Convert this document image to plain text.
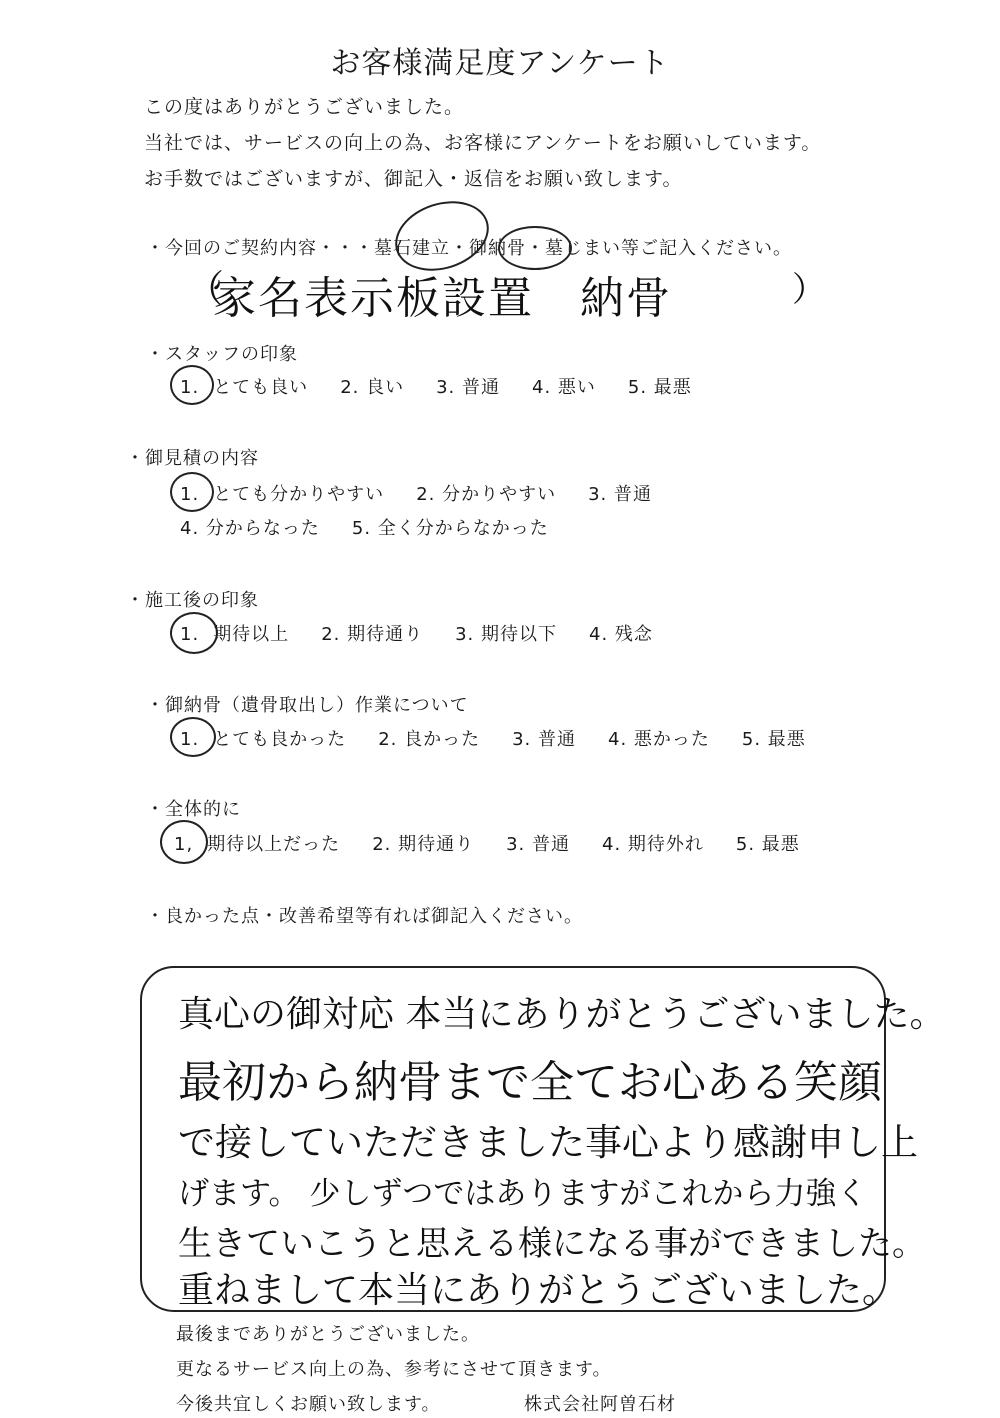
お客様満足度アンケート
この度はありがとうございました。
当社では、サービスの向上の為、お客様にアンケートをお願いしています。
お手数ではございますが、御記入・返信をお願い致します。
・今回のご契約内容・・・墓石建立・御納骨・墓じまい等ご記入ください。
（
家名表示板設置　納骨	）
・スタッフの印象
1. とても良い 2. 良い 3. 普通 4. 悪い 5. 最悪
・御見積の内容
1. とても分かりやすい 2. 分かりやすい 3. 普通
4. 分からなった 5. 全く分からなかった
・施工後の印象
1. 期待以上 2. 期待通り 3. 期待以下 4. 残念
・御納骨（遺骨取出し）作業について
1. とても良かった 2. 良かった 3. 普通 4. 悪かった 5. 最悪
・全体的に
1, 期待以上だった 2. 期待通り 3. 普通 4. 期待外れ 5. 最悪
・良かった点・改善希望等有れば御記入ください。
真心の御対応 本当にありがとうございました。
最初から納骨まで全てお心ある笑顔
で接していただきました事心より感謝申し上
げます。 少しずつではありますがこれから力強く
生きていこうと思える様になる事ができました。
重ねまして本当にありがとうございました。
最後までありがとうございました。
更なるサービス向上の為、参考にさせて頂きます。
今後共宜しくお願い致します。	株式会社阿曽石材
